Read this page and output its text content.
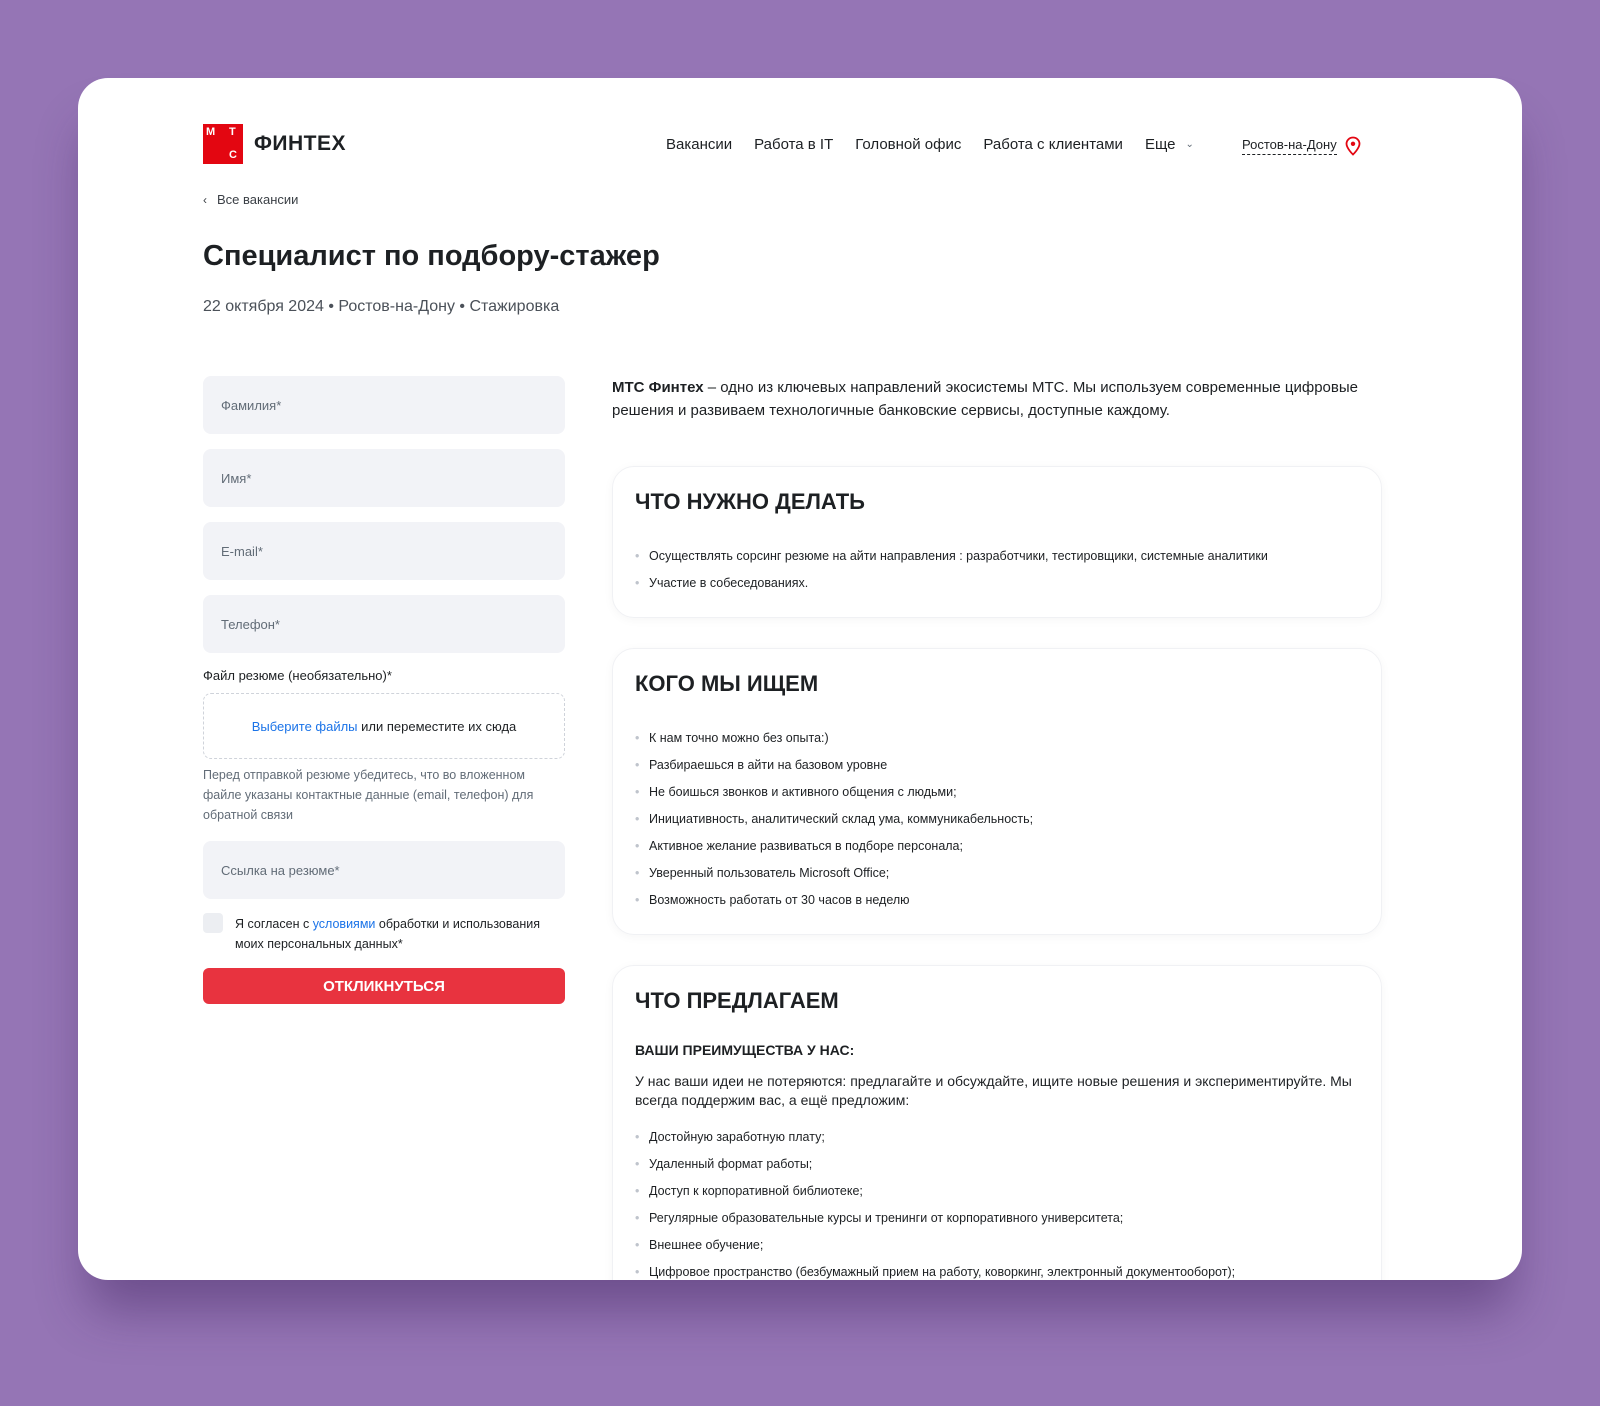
М Т
С ФИНТЕХ	Вакансии Работа в IT Головной офис Работа с клиентами Еще ⌄	Ростов-на-Дону
‹ Все вакансии
Специалист по подбору-стажер
22 октября 2024 • Ростов-на-Дону • Стажировка
Фамилия*
Имя*
E-mail*
Телефон*
Файл резюме (необязательно)*
Выберите файлы или переместите их сюда
Перед отправкой резюме убедитесь, что во вложенном файле указаны контактные данные (email, телефон) для обратной связи
Ссылка на резюме*
Я согласен с условиями обработки и использования моих персональных данных*
ОТКЛИКНУТЬСЯ

МТС Финтех – одно из ключевых направлений экосистемы МТС. Мы используем современные цифровые решения и развиваем технологичные банковские сервисы, доступные каждому.

ЧТО НУЖНО ДЕЛАТЬ
• Осуществлять сорсинг резюме на айти направления : разработчики, тестировщики, системные аналитики
• Участие в собеседованиях.
КОГО МЫ ИЩЕМ
• К нам точно можно без опыта:)
• Разбираешься в айти на базовом уровне
• Не боишься звонков и активного общения с людьми;
• Инициативность, аналитический склад ума, коммуникабельность;
• Активное желание развиваться в подборе персонала;
• Уверенный пользователь Microsoft Office;
• Возможность работать от 30 часов в неделю
ЧТО ПРЕДЛАГАЕМ
ВАШИ ПРЕИМУЩЕСТВА У НАС:

У нас ваши идеи не потеряются: предлагайте и обсуждайте, ищите новые решения и экспериментируйте. Мы всегда поддержим вас, а ещё предложим:

• Достойную заработную плату;
• Удаленный формат работы;
• Доступ к корпоративной библиотеке;
• Регулярные образовательные курсы и тренинги от корпоративного университета;
• Внешнее обучение;
• Цифровое пространство (безбумажный прием на работу, коворкинг, электронный документооборот);
